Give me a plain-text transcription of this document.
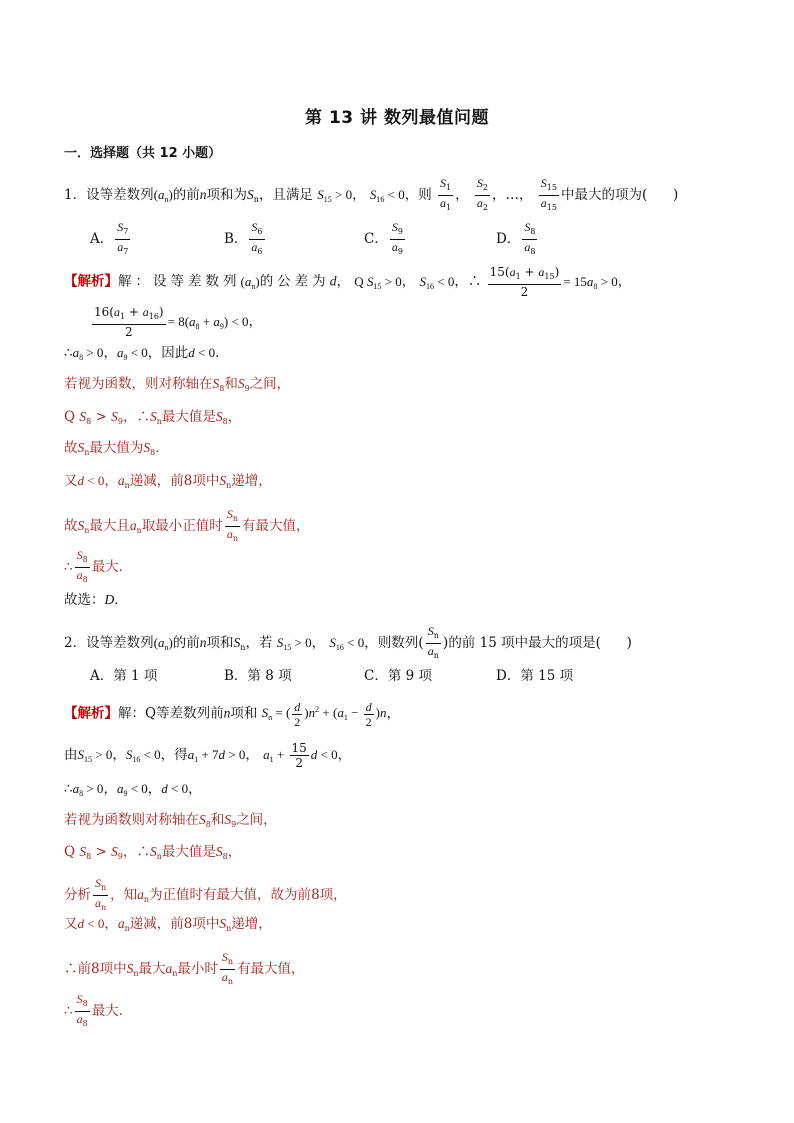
第 13 讲 数列最值问题
一．选择题（共 12 小题）
1．设等差数列$(a_n)$的前n项和为$S_n$，且满足 $S_{15} > 0$， $S_{16} < 0$，则 $\frac{S_1}{a_1}$ ， $\frac{S_2}{a_2}$ ，…， $\frac{S_{15}}{a_{15}}$ 中最大的项为( )
A． $\frac{S_7}{a_7}$	B． $\frac{S_6}{a_6}$	C． $\frac{S_9}{a_9}$	D． $\frac{S_8}{a_8}$
【解析】解：设等差数列$(a_n)$的公差为d， Q $S_{15} > 0$， $S_{16} < 0$，∴ $\frac{15(a_1 + a_{15})}{2} = 15a_8 > 0$，
$\frac{16(a_1 + a_{16})}{2} = 8(a_8 + a_9) < 0$，
$\therefore a_8 > 0$，$a_9 < 0$，因此d < 0．
若视为函数，则对称轴在$S_8$和$S_9$之间，
Q $S_8 > S_9$，$\therefore S_n$最大值是$S_8$，
故$S_n$最大值为$S_8$．
又d < 0，$a_n$递减，前8项中$S_n$递增，
故$S_n$最大且$a_n$取最小正值时 $\frac{S_n}{a_n}$ 有最大值，
∴ $\frac{S_8}{a_8}$ 最大．
故选：D．
2．设等差数列$(a_n)$的前n项和$S_n$，若 $S_{15} > 0$， $S_{16} < 0$，则数列( $\frac{S_n}{a_n}$ )的前 15 项中最大的项是( )
A．第 1 项	B．第 8 项	C．第 9 项	D．第 15 项
【解析】解：Q等差数列前n项和 $S_n$ = ( $\frac{d}{2} )n^2 + (a_1 - \frac{d}{2} )n$，
由$S_{15} > 0$，$S_{16} < 0$，得$a_1 + 7d > 0$， $a_1 + \frac{15}{2}$ d < 0，
$\therefore a_8 > 0$，$a_9 < 0$，d < 0，
若视为函数则对称轴在$S_8$和$S_9$之间，
Q $S_8 > S_9$，$\therefore S_n$最大值是$S_8$，
分析 $\frac{S_n}{a_n}$ ，知$a_n$为正值时有最大值，故为前8项，
又d < 0，$a_n$递减，前8项中$S_n$递增，
∴前8项中$S_n$最大$a_n$最小时 $\frac{S_n}{a_n}$ 有最大值，
∴ $\frac{S_8}{a_8}$ 最大．
